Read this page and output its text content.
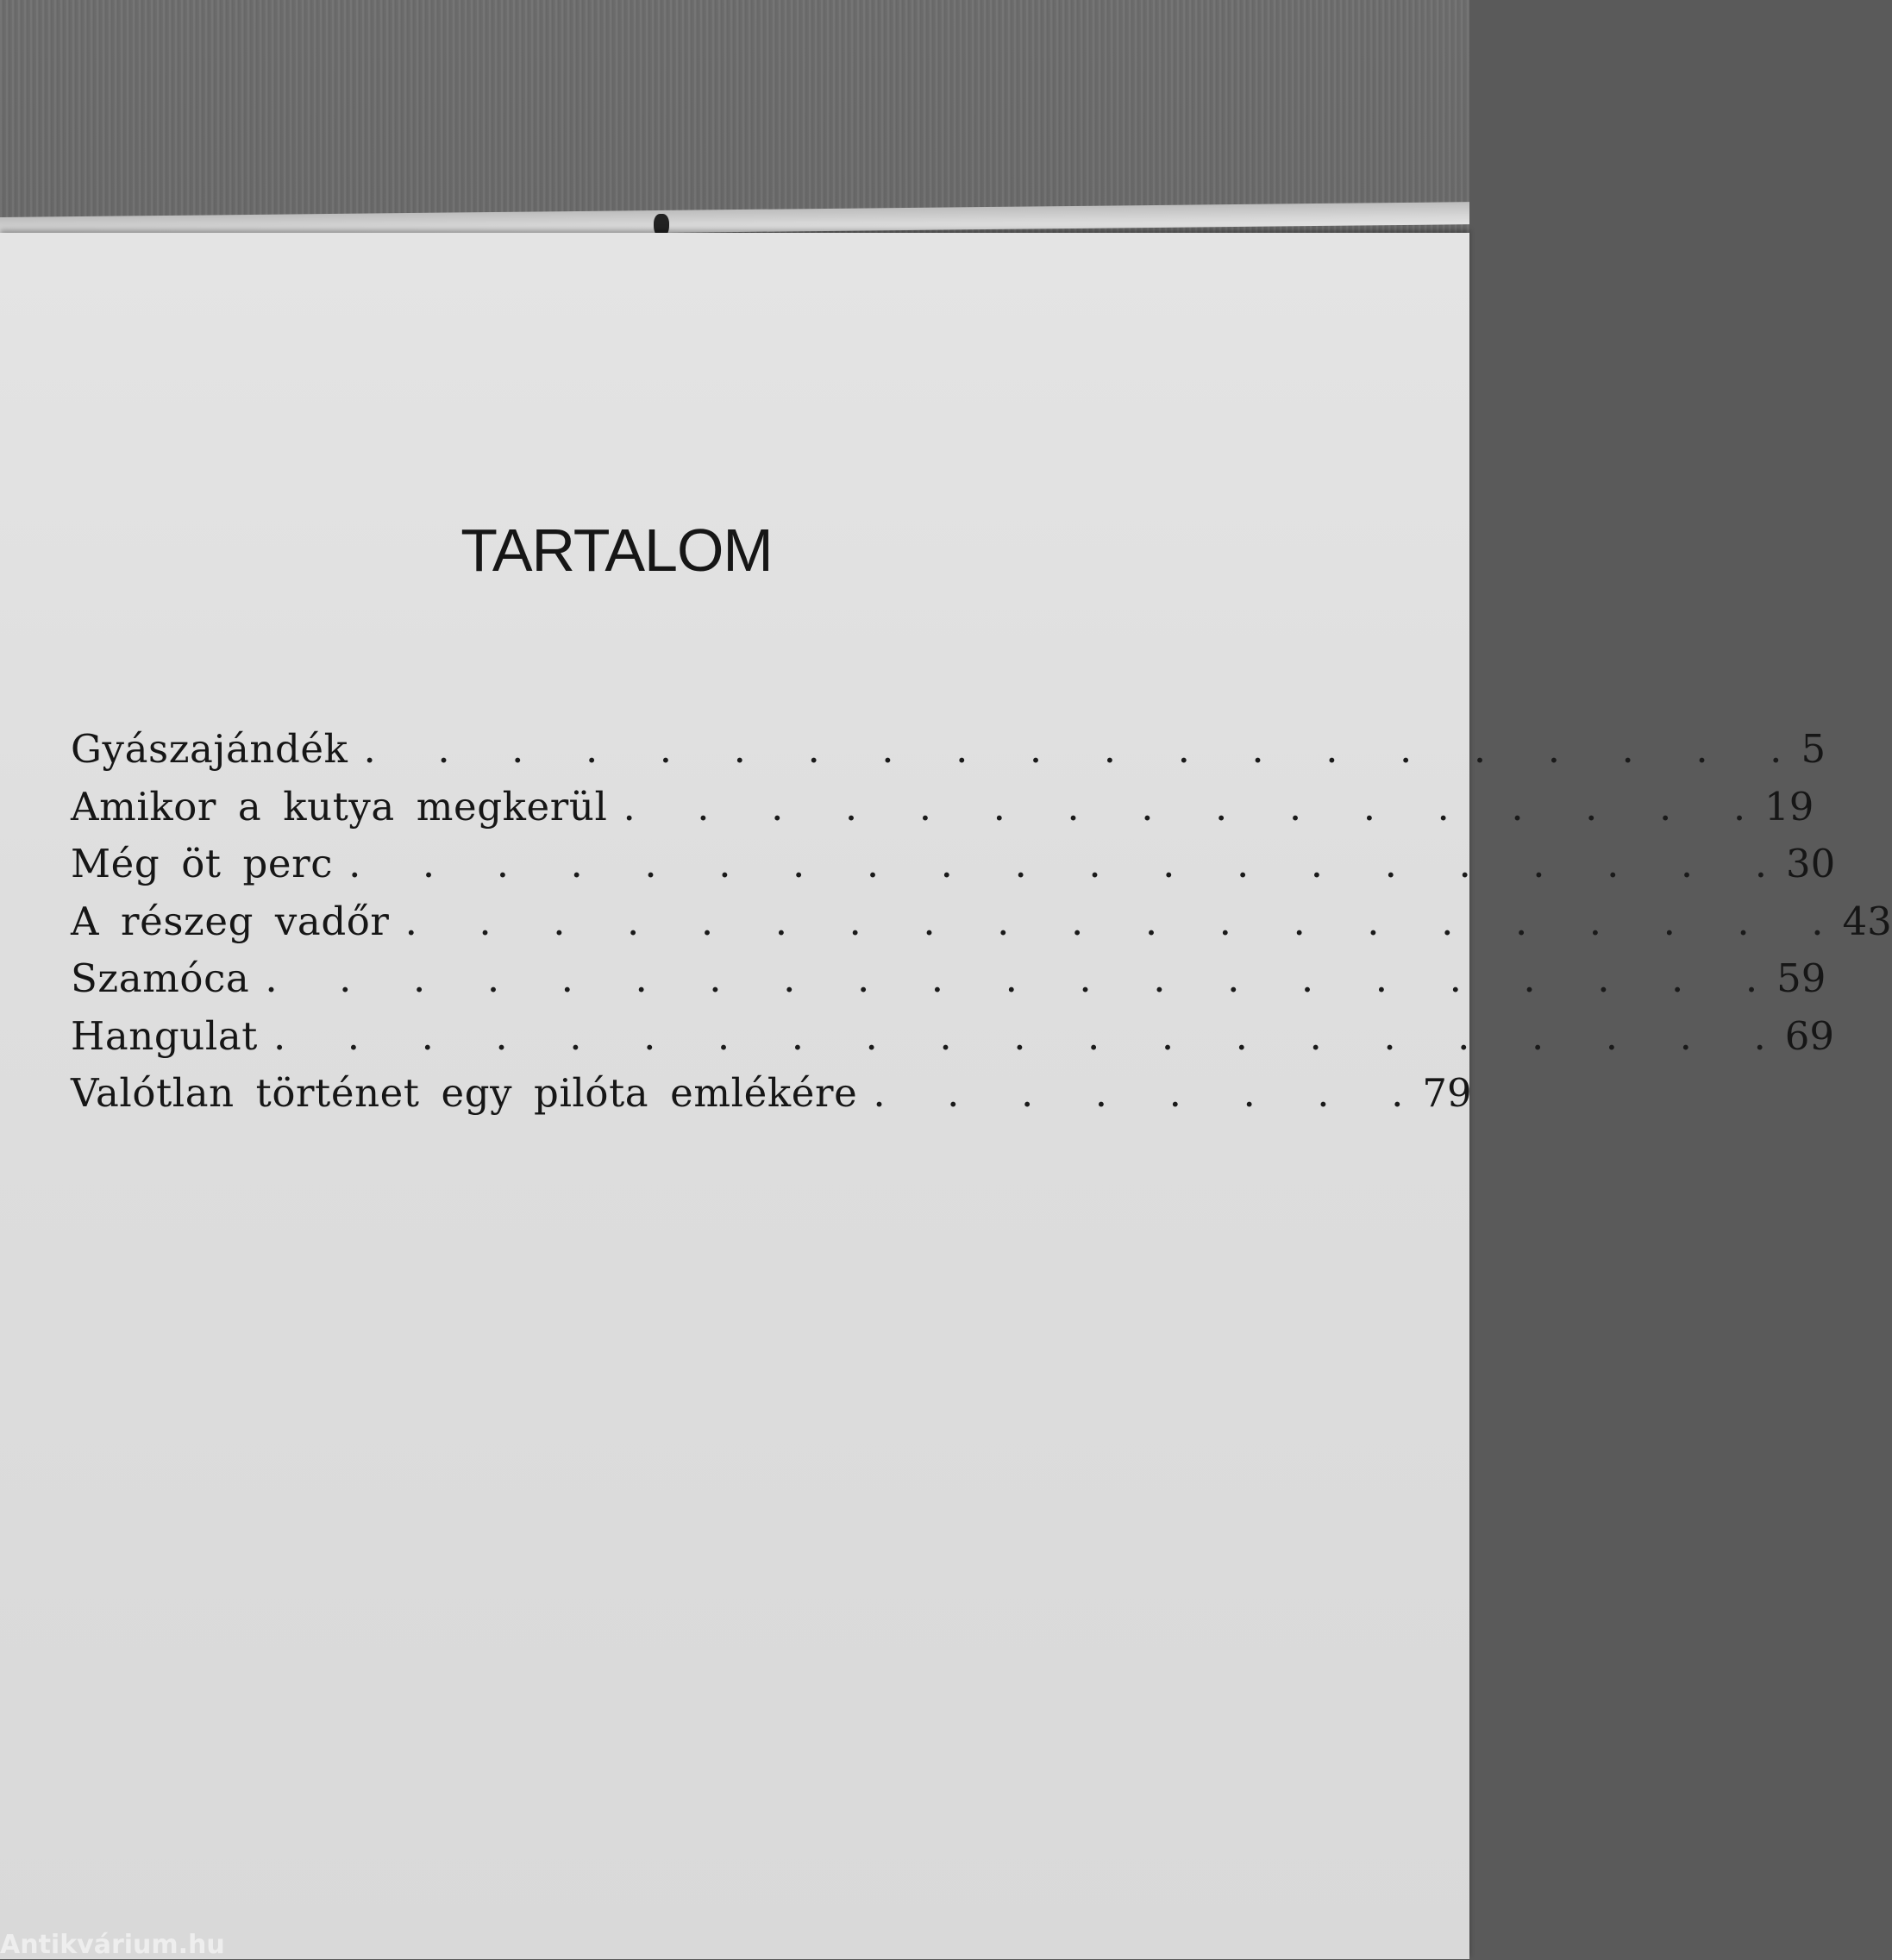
TARTALOM
Gyászajándék .     .     .     .     .     .     .     .     .     .     .     .     .     .     .     .     .     .     .     . 5
Amikor a kutya megkerül .     .     .     .     .     .     .     .     .     .     .     .     .     .     .     . 19
Még öt perc .     .     .     .     .     .     .     .     .     .     .     .     .     .     .     .     .     .     .     . 30
A részeg vadőr .     .     .     .     .     .     .     .     .     .     .     .     .     .     .     .     .     .     .     . 43
Szamóca .     .     .     .     .     .     .     .     .     .     .     .     .     .     .     .     .     .     .     .     . 59
Hangulat .     .     .     .     .     .     .     .     .     .     .     .     .     .     .     .     .     .     .     .     . 69
Valótlan történet egy pilóta emlékére .     .     .     .     .     .     .     . 79

Antikvárium.hu
